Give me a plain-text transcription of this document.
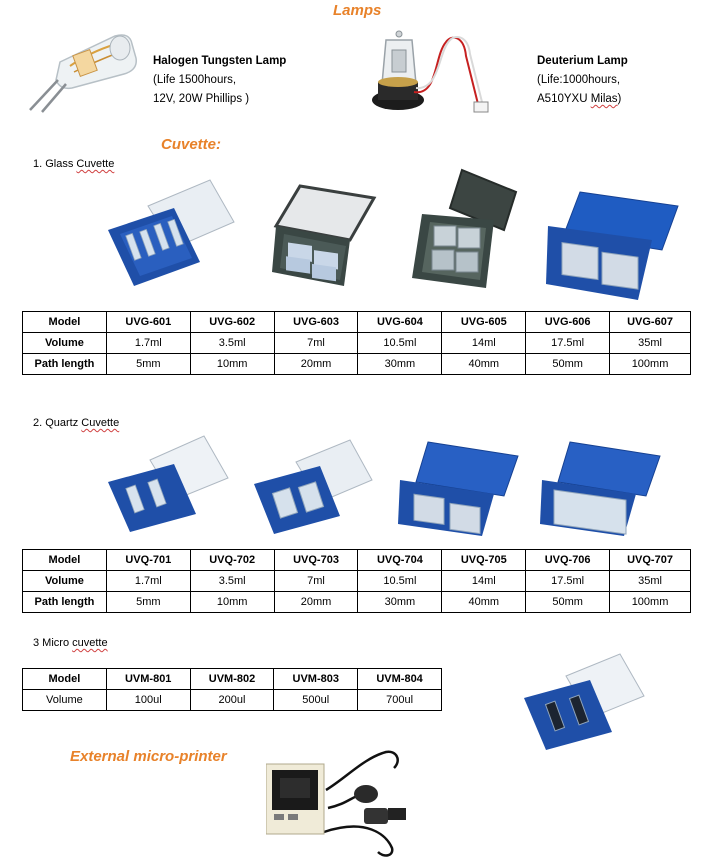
Lamps
Halogen Tungsten Lamp
(Life 1500hours,
12V, 20W Phillips )
Deuterium Lamp
(Life:1000hours,
A510YXU Milas)
Cuvette:
1. Glass Cuvette
Model	UVG-601	UVG-602	UVG-603	UVG-604	UVG-605	UVG-606	UVG-607
Volume	1.7ml	3.5ml	7ml	10.5ml	14ml	17.5ml	35ml
Path length	5mm	10mm	20mm	30mm	40mm	50mm	100mm
2. Quartz Cuvette
Model	UVQ-701	UVQ-702	UVQ-703	UVQ-704	UVQ-705	UVQ-706	UVQ-707
Volume	1.7ml	3.5ml	7ml	10.5ml	14ml	17.5ml	35ml
Path length	5mm	10mm	20mm	30mm	40mm	50mm	100mm
3 Micro cuvette
Model	UVM-801	UVM-802	UVM-803	UVM-804
Volume	100ul	200ul	500ul	700ul
External micro-printer
